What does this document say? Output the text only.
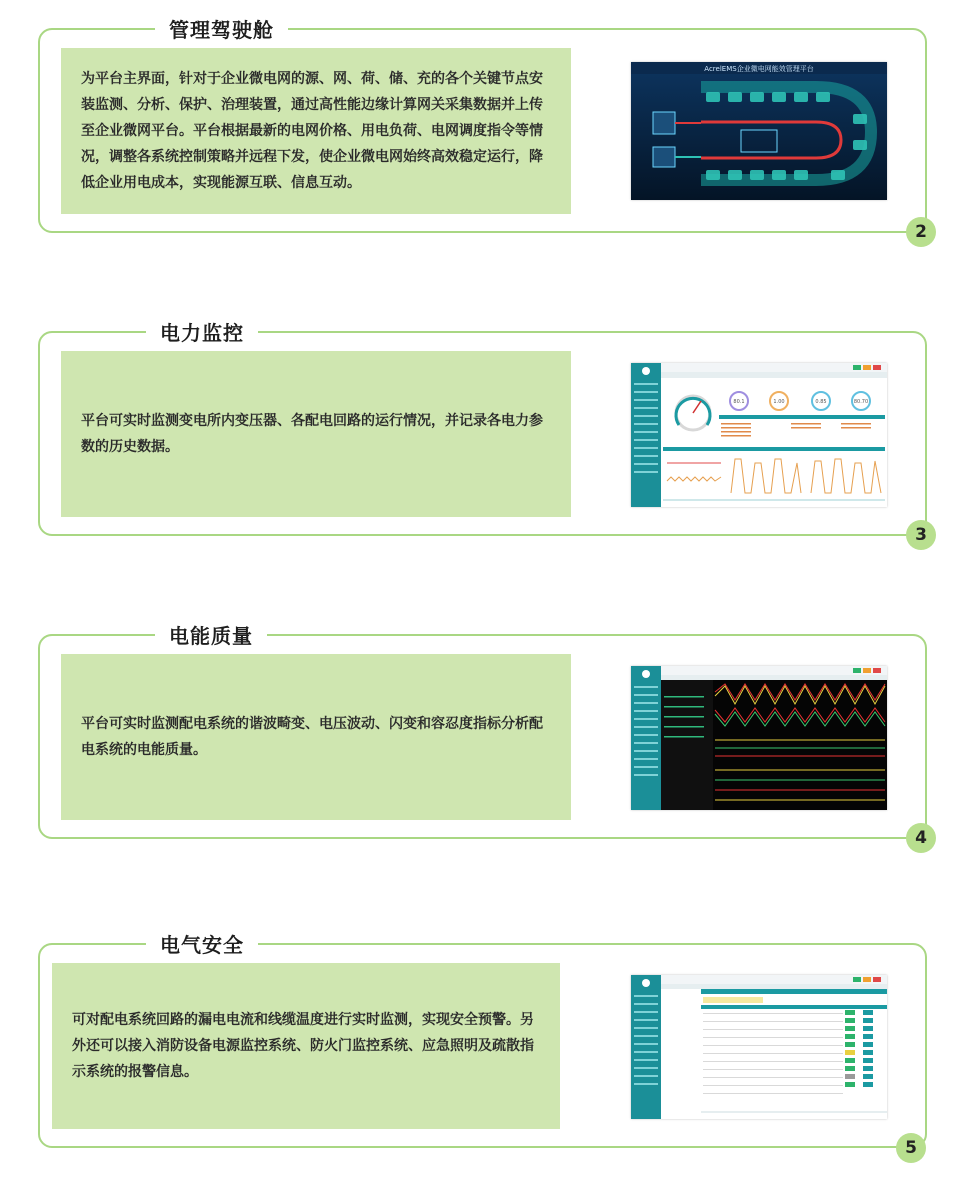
管理驾驶舱

为平台主界面，针对于企业微电网的源、网、荷、储、充的各个关键节点安装监测、分析、保护、治理装置，通过高性能边缘计算网关采集数据并上传至企业微网平台。平台根据最新的电网价格、用电负荷、电网调度指令等情况，调整各系统控制策略并远程下发，使企业微电网始终高效稳定运行，降低企业用电成本，实现能源互联、信息互动。

AcrelEMS企业微电网能效管理平台
2
电力监控

平台可实时监测变电所内变压器、各配电回路的运行情况，并记录各电力参数的历史数据。

80.1	1.00	0.85	80.70
3
电能质量

平台可实时监测配电系统的谐波畸变、电压波动、闪变和容忍度指标分析配电系统的电能质量。

4
电气安全

可对配电系统回路的漏电电流和线缆温度进行实时监测，实现安全预警。另外还可以接入消防设备电源监控系统、防火门监控系统、应急照明及疏散指示系统的报警信息。

5
